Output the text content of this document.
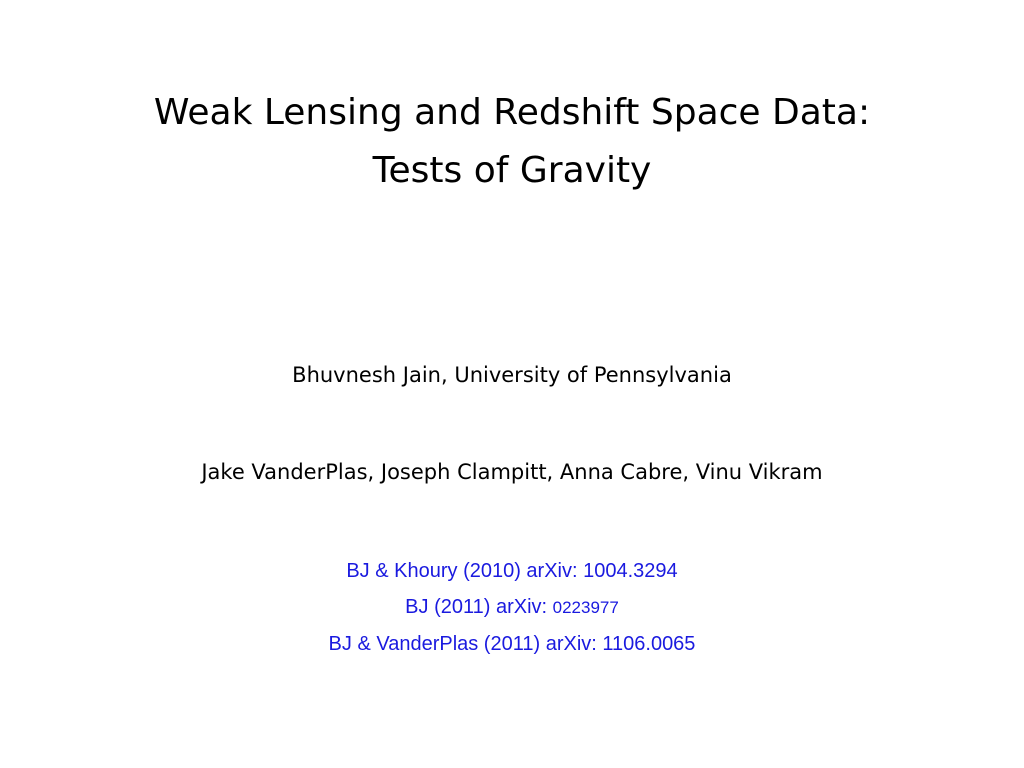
Weak Lensing and Redshift Space Data:
Tests of Gravity
Bhuvnesh Jain, University of Pennsylvania
Jake VanderPlas, Joseph Clampitt, Anna Cabre, Vinu Vikram
BJ & Khoury (2010) arXiv: 1004.3294
BJ (2011) arXiv: 0223977
BJ & VanderPlas (2011) arXiv: 1106.0065
